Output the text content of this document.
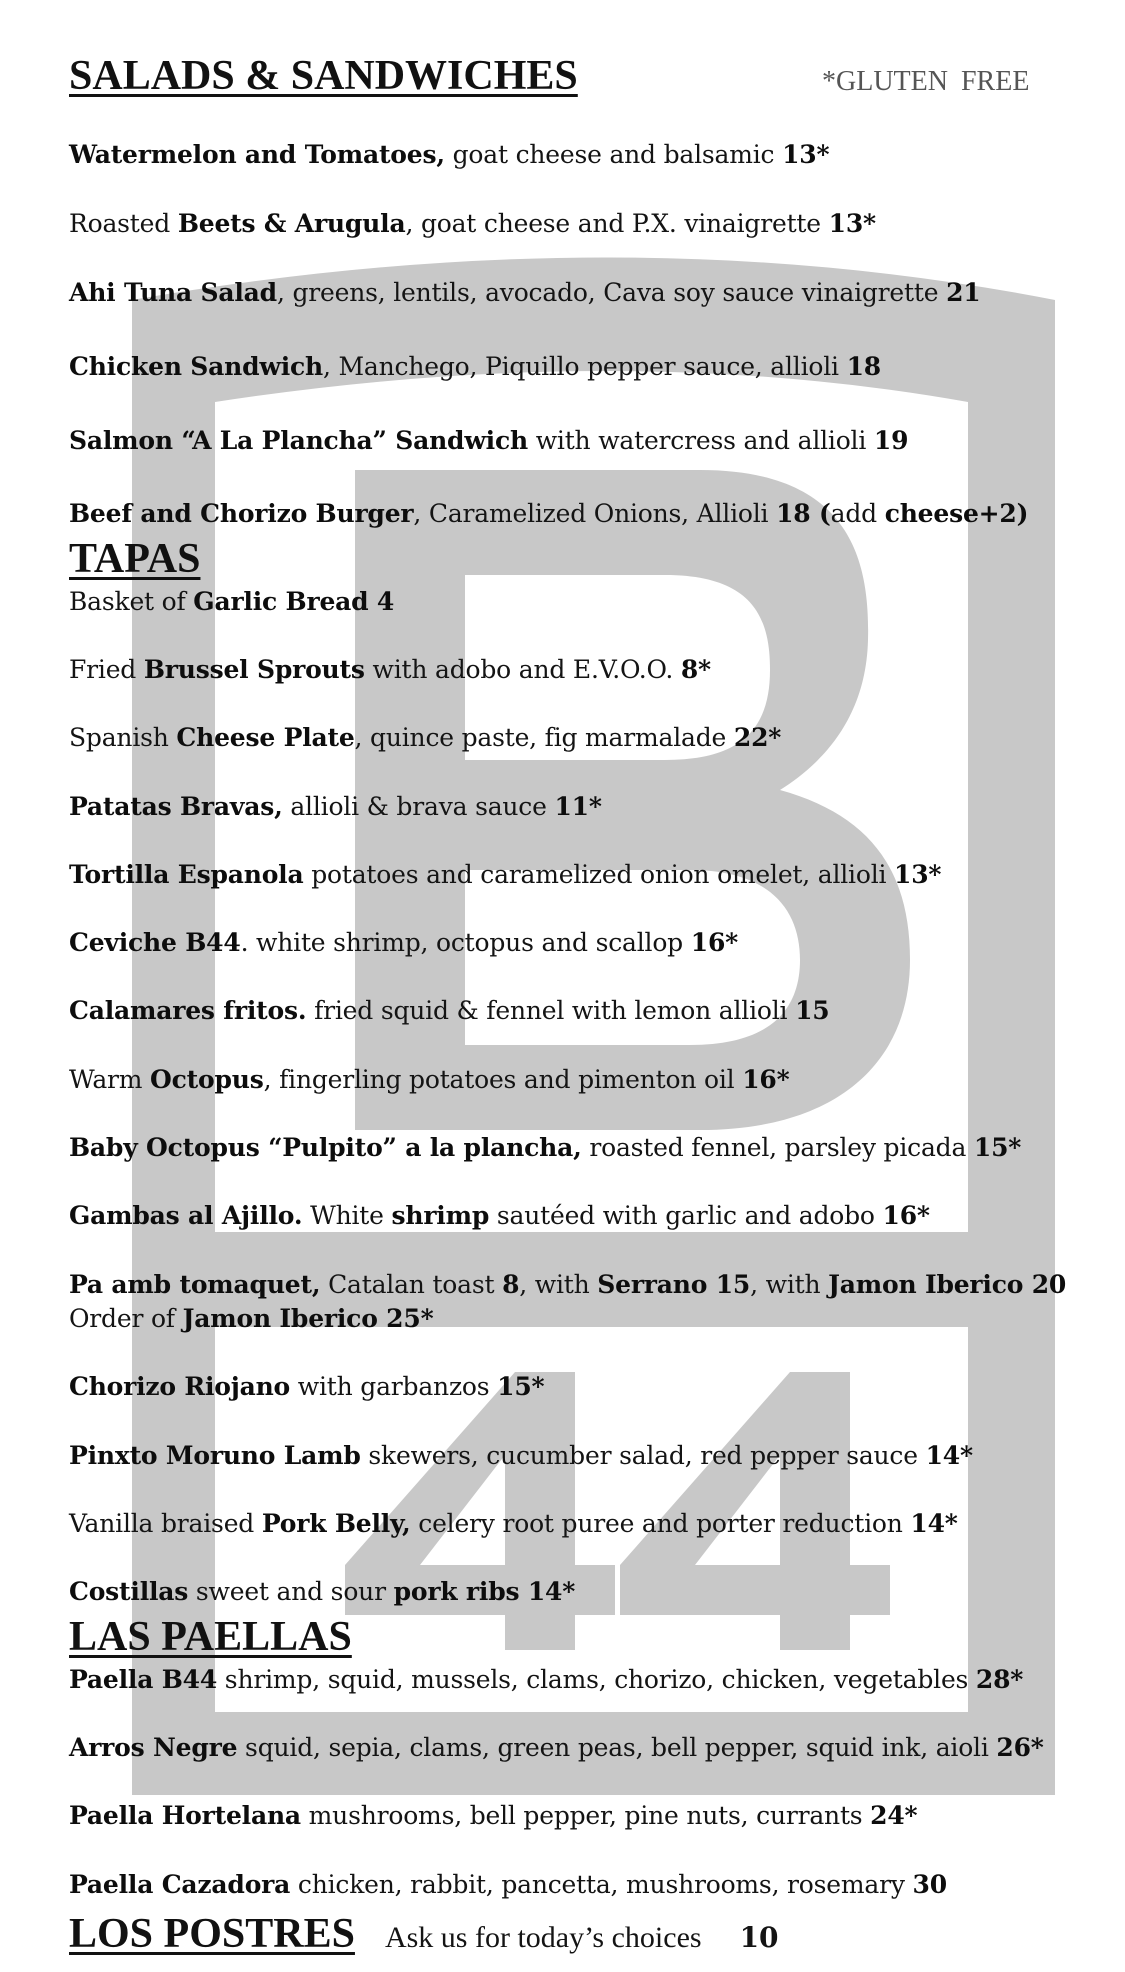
SALADS & SANDWICHES	*GLUTEN FREE
Watermelon and Tomatoes, goat cheese and balsamic 13*
Roasted Beets & Arugula, goat cheese and P.X. vinaigrette 13*
Ahi Tuna Salad, greens, lentils, avocado, Cava soy sauce vinaigrette 21
Chicken Sandwich, Manchego, Piquillo pepper sauce, allioli 18
Salmon “A La Plancha” Sandwich with watercress and allioli 19
Beef and Chorizo Burger, Caramelized Onions, Allioli 18 (add cheese+2)
TAPAS
Basket of Garlic Bread 4
Fried Brussel Sprouts with adobo and E.V.O.O. 8*
Spanish Cheese Plate, quince paste, fig marmalade 22*
Patatas Bravas, allioli & brava sauce 11*
Tortilla Espanola potatoes and caramelized onion omelet, allioli 13*
Ceviche B44. white shrimp, octopus and scallop 16*
Calamares fritos. fried squid & fennel with lemon allioli 15
Warm Octopus, fingerling potatoes and pimenton oil 16*
Baby Octopus “Pulpito” a la plancha, roasted fennel, parsley picada 15*
Gambas al Ajillo. White shrimp sautéed with garlic and adobo 16*
Pa amb tomaquet, Catalan toast 8, with Serrano 15, with Jamon Iberico 20
Order of Jamon Iberico 25*
Chorizo Riojano with garbanzos 15*
Pinxto Moruno Lamb skewers, cucumber salad, red pepper sauce 14*
Vanilla braised Pork Belly, celery root puree and porter reduction 14*
Costillas sweet and sour pork ribs 14*
LAS PAELLAS
Paella B44 shrimp, squid, mussels, clams, chorizo, chicken, vegetables 28*
Arros Negre squid, sepia, clams, green peas, bell pepper, squid ink, aioli 26*
Paella Hortelana mushrooms, bell pepper, pine nuts, currants 24*
Paella Cazadora chicken, rabbit, pancetta, mushrooms, rosemary 30
LOS POSTRES Ask us for today’s choices 10
